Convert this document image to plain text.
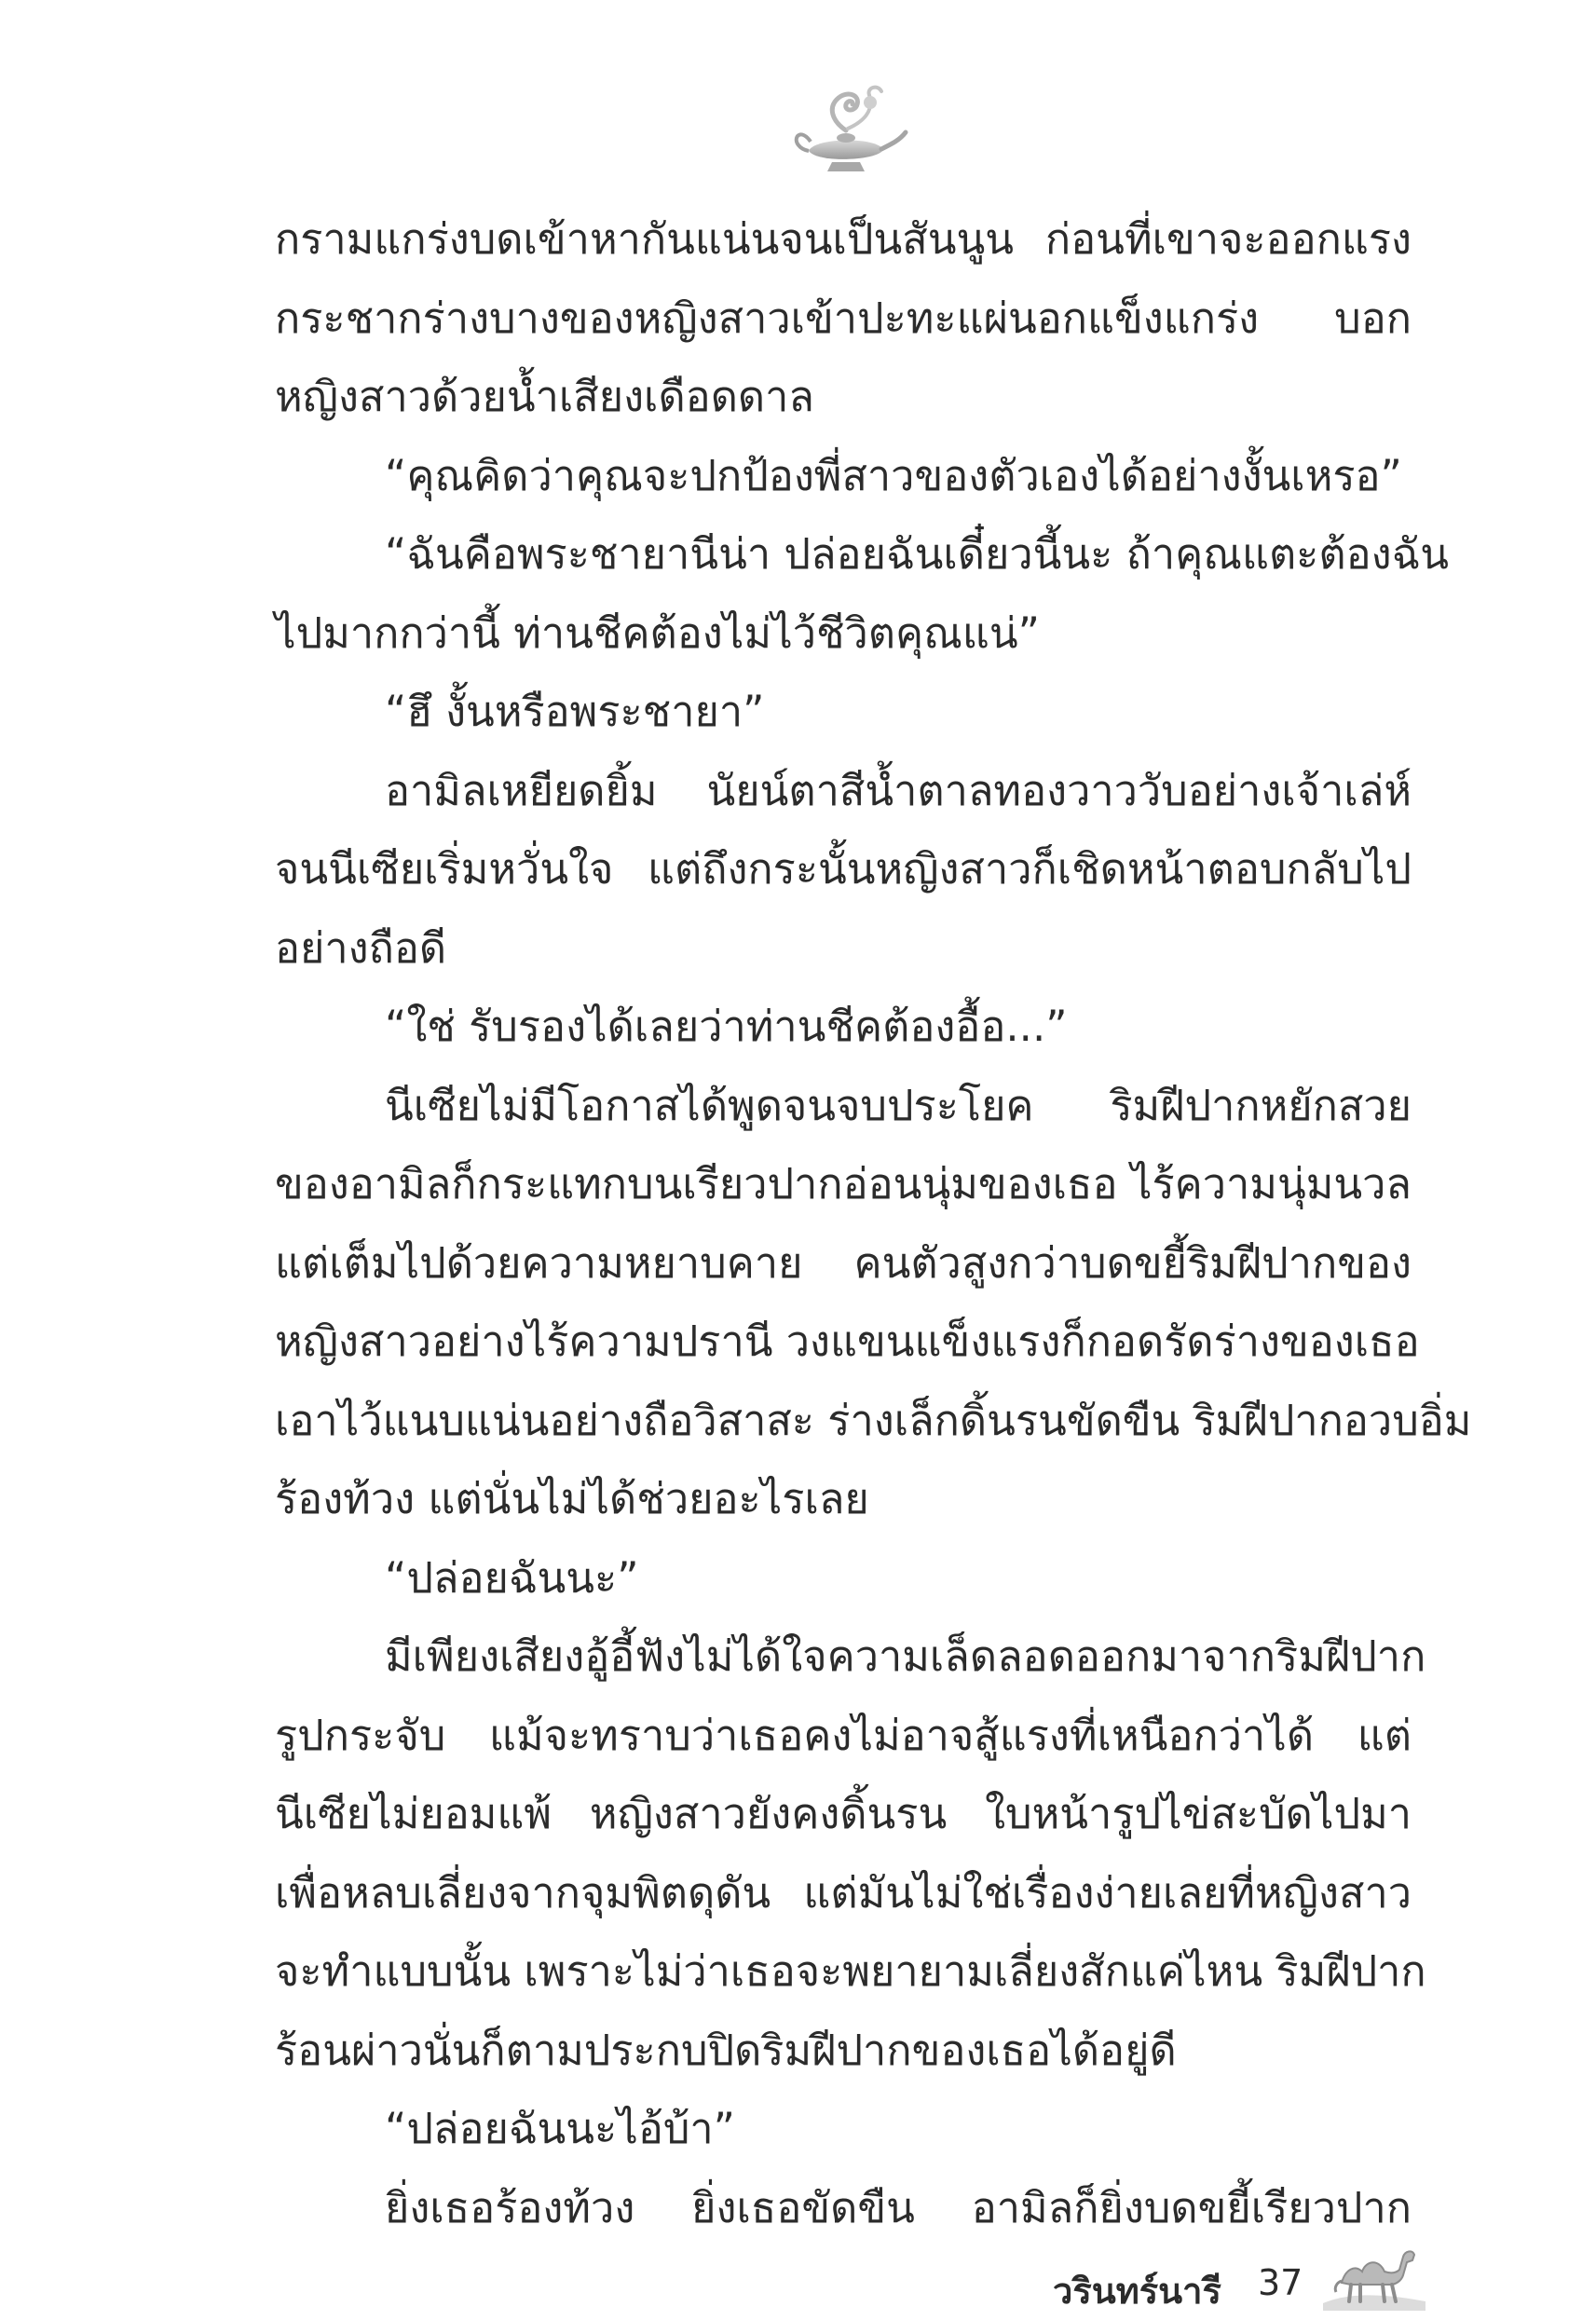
กรามแกร่งบดเข้าหากันแน่นจนเป็นสันนูน ก่อนที่เขาจะออกแรง
กระชากร่างบางของหญิงสาวเข้าปะทะแผ่นอกแข็งแกร่ง บอก
หญิงสาวด้วยน้ำเสียงเดือดดาล
“คุณคิดว่าคุณจะปกป้องพี่สาวของตัวเองได้อย่างงั้นเหรอ”
“ฉันคือพระชายานีน่า ปล่อยฉันเดี๋ยวนี้นะ ถ้าคุณแตะต้องฉัน
ไปมากกว่านี้ ท่านชีคต้องไม่ไว้ชีวิตคุณแน่”
“ฮึ งั้นหรือพระชายา”
อามิลเหยียดยิ้ม นัยน์ตาสีน้ำตาลทองวาววับอย่างเจ้าเล่ห์
จนนีเซียเริ่มหวั่นใจ แต่ถึงกระนั้นหญิงสาวก็เชิดหน้าตอบกลับไป
อย่างถือดี
“ใช่ รับรองได้เลยว่าท่านชีคต้องอื้อ...”
นีเซียไม่มีโอกาสได้พูดจนจบประโยค ริมฝีปากหยักสวย
ของอามิลก็กระแทกบนเรียวปากอ่อนนุ่มของเธอ ไร้ความนุ่มนวล
แต่เต็มไปด้วยความหยาบคาย คนตัวสูงกว่าบดขยี้ริมฝีปากของ
หญิงสาวอย่างไร้ความปรานี วงแขนแข็งแรงก็กอดรัดร่างของเธอ
เอาไว้แนบแน่นอย่างถือวิสาสะ ร่างเล็กดิ้นรนขัดขืน ริมฝีปากอวบอิ่ม
ร้องท้วง แต่นั่นไม่ได้ช่วยอะไรเลย
“ปล่อยฉันนะ”
มีเพียงเสียงอู้อี้ฟังไม่ได้ใจความเล็ดลอดออกมาจากริมฝีปาก
รูปกระจับ แม้จะทราบว่าเธอคงไม่อาจสู้แรงที่เหนือกว่าได้ แต่
นีเซียไม่ยอมแพ้ หญิงสาวยังคงดิ้นรน ใบหน้ารูปไข่สะบัดไปมา
เพื่อหลบเลี่ยงจากจุมพิตดุดัน แต่มันไม่ใช่เรื่องง่ายเลยที่หญิงสาว
จะทำแบบนั้น เพราะไม่ว่าเธอจะพยายามเลี่ยงสักแค่ไหน ริมฝีปาก
ร้อนผ่าวนั่นก็ตามประกบปิดริมฝีปากของเธอได้อยู่ดี
“ปล่อยฉันนะไอ้บ้า”
ยิ่งเธอร้องท้วง ยิ่งเธอขัดขืน อามิลก็ยิ่งบดขยี้เรียวปาก
วรินทร์นารี 37
